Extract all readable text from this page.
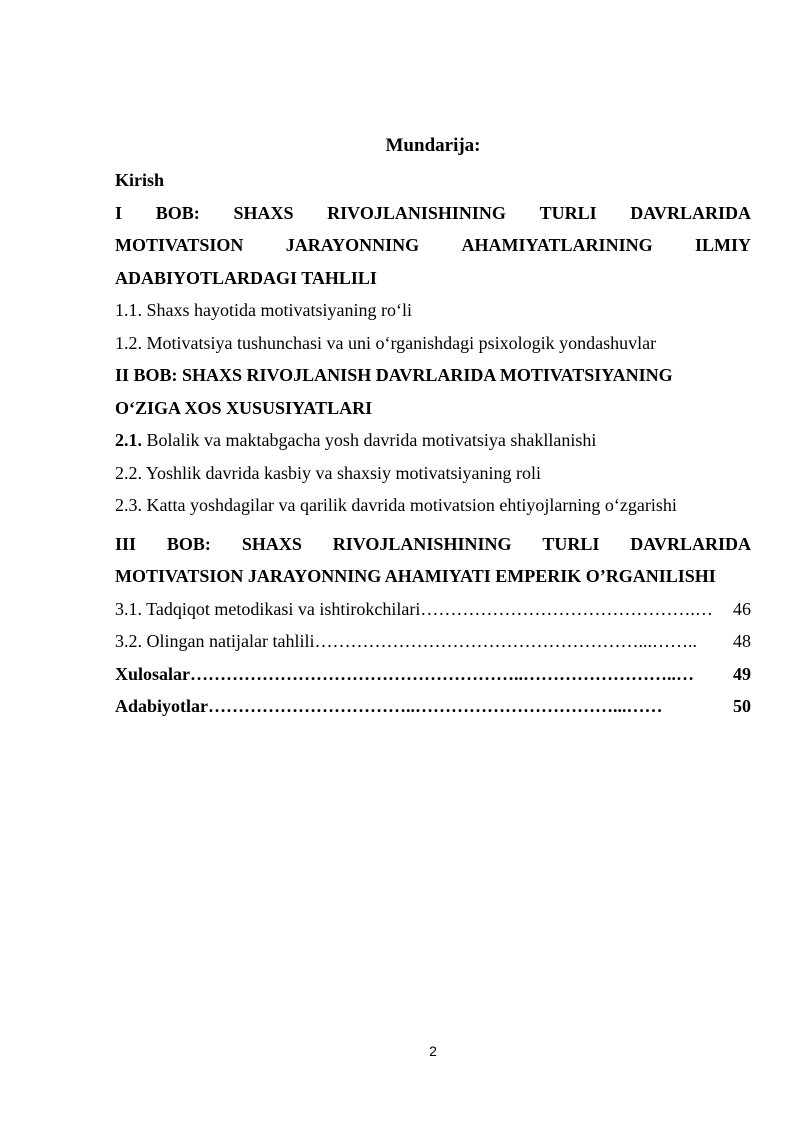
Mundarija:
Kirish
I BOB: SHAXS RIVOJLANISHINING TURLI DAVRLARIDA
MOTIVATSION JARAYONNING AHAMIYATLARINING ILMIY
ADABIYOTLARDAGI TAHLILI
1.1. Shaxs hayotida motivatsiyaning ro‘li
1.2. Motivatsiya tushunchasi va uni o‘rganishdagi psixologik yondashuvlar
II BOB: SHAXS RIVOJLANISH DAVRLARIDA MOTIVATSIYANING
O‘ZIGA XOS XUSUSIYATLARI
2.1. Bolalik va maktabgacha yosh davrida motivatsiya shakllanishi
2.2. Yoshlik davrida kasbiy va shaxsiy motivatsiyaning roli
2.3. Katta yoshdagilar va qarilik davrida motivatsion ehtiyojlarning o‘zgarishi
III BOB: SHAXS RIVOJLANISHINING TURLI DAVRLARIDA
MOTIVATSION JARAYONNING AHAMIYATI EMPERIK O’RGANILISHI
3.1. Tadqiqot metodikasi va ishtirokchilari ……………………………………….…	46
3.2. Olingan natijalar tahlili ………………………………………………...……..	48
Xulosalar ………………………………………………..……………………..…	49
Adabiyotlar ……………………………..……………………………...……	50
2
